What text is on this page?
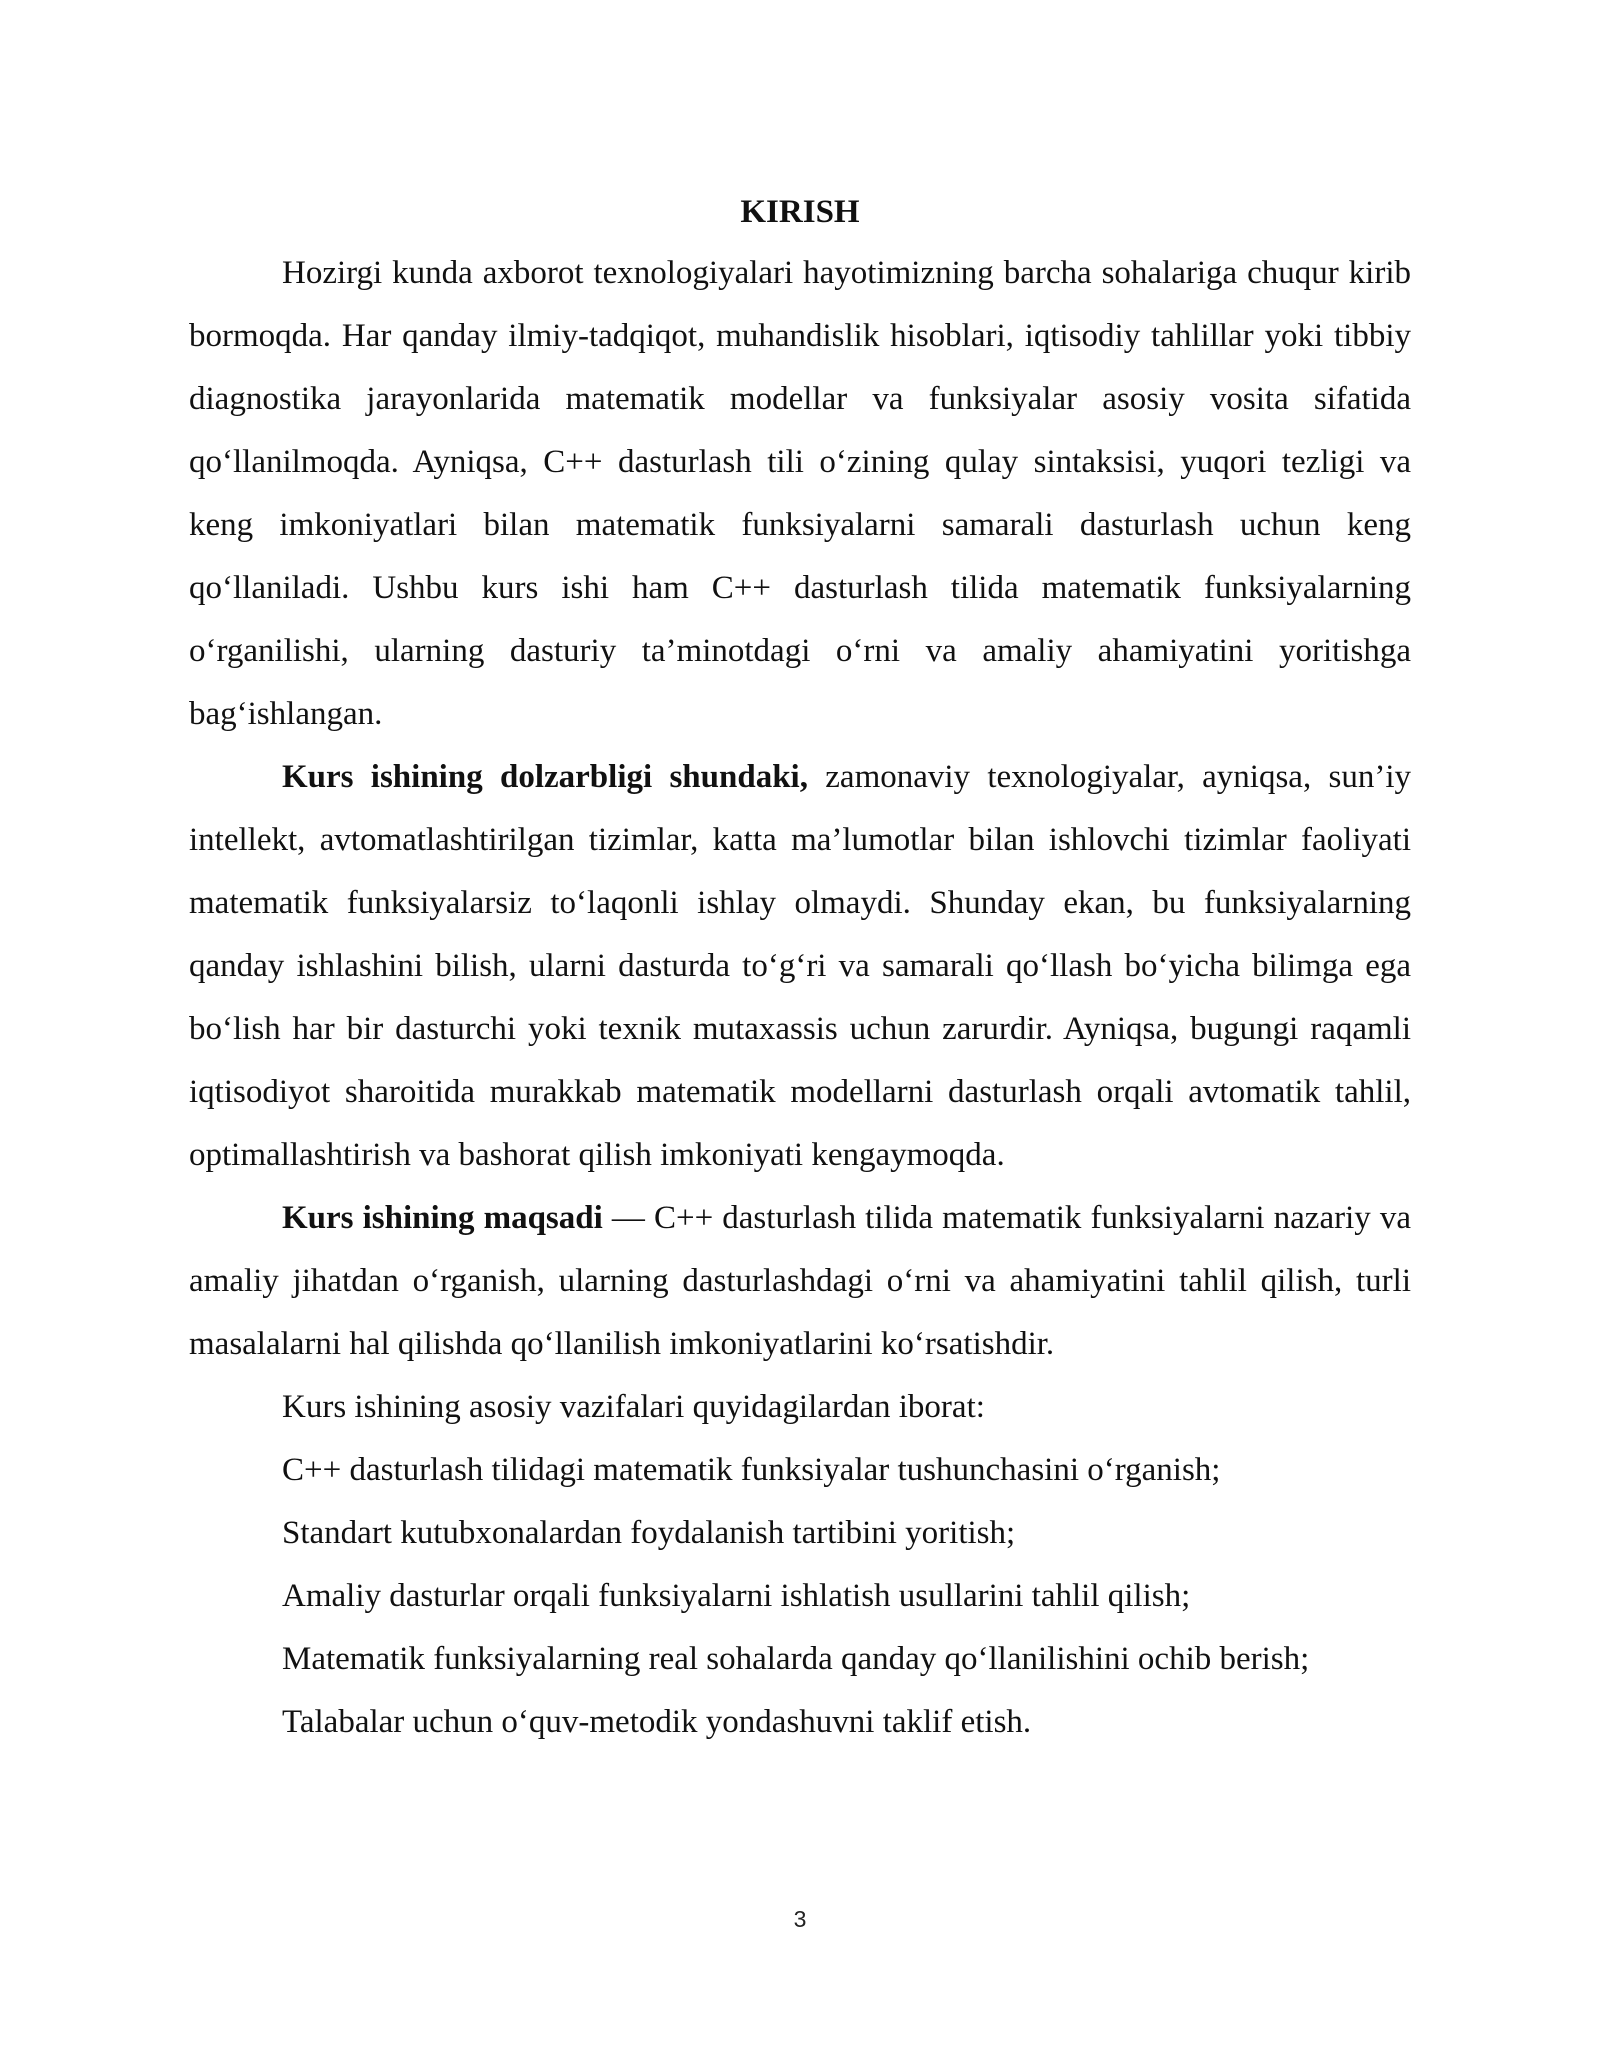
KIRISH

Hozirgi kunda axborot texnologiyalari hayotimizning barcha sohalariga chuqur kirib bormoqda. Har qanday ilmiy-tadqiqot, muhandislik hisoblari, iqtisodiy tahlillar yoki tibbiy diagnostika jarayonlarida matematik modellar va funksiyalar asosiy vosita sifatida qo‘llanilmoqda. Ayniqsa, C++ dasturlash tili o‘zining qulay sintaksisi, yuqori tezligi va keng imkoniyatlari bilan matematik funksiyalarni samarali dasturlash uchun keng qo‘llaniladi. Ushbu kurs ishi ham C++ dasturlash tilida matematik funksiyalarning o‘rganilishi, ularning dasturiy ta’minotdagi o‘rni va amaliy ahamiyatini yoritishga bag‘ishlangan.

Kurs ishining dolzarbligi shundaki, zamonaviy texnologiyalar, ayniqsa, sun’iy intellekt, avtomatlashtirilgan tizimlar, katta ma’lumotlar bilan ishlovchi tizimlar faoliyati matematik funksiyalarsiz to‘laqonli ishlay olmaydi. Shunday ekan, bu funksiyalarning qanday ishlashini bilish, ularni dasturda to‘g‘ri va samarali qo‘llash bo‘yicha bilimga ega bo‘lish har bir dasturchi yoki texnik mutaxassis uchun zarurdir. Ayniqsa, bugungi raqamli iqtisodiyot sharoitida murakkab matematik modellarni dasturlash orqali avtomatik tahlil, optimallashtirish va bashorat qilish imkoniyati kengaymoqda.

Kurs ishining maqsadi — C++ dasturlash tilida matematik funksiyalarni nazariy va amaliy jihatdan o‘rganish, ularning dasturlashdagi o‘rni va ahamiyatini tahlil qilish, turli masalalarni hal qilishda qo‘llanilish imkoniyatlarini ko‘rsatishdir.

Kurs ishining asosiy vazifalari quyidagilardan iborat:

C++ dasturlash tilidagi matematik funksiyalar tushunchasini o‘rganish;

Standart kutubxonalardan foydalanish tartibini yoritish;

Amaliy dasturlar orqali funksiyalarni ishlatish usullarini tahlil qilish;

Matematik funksiyalarning real sohalarda qanday qo‘llanilishini ochib berish;

Talabalar uchun o‘quv-metodik yondashuvni taklif etish.

3
